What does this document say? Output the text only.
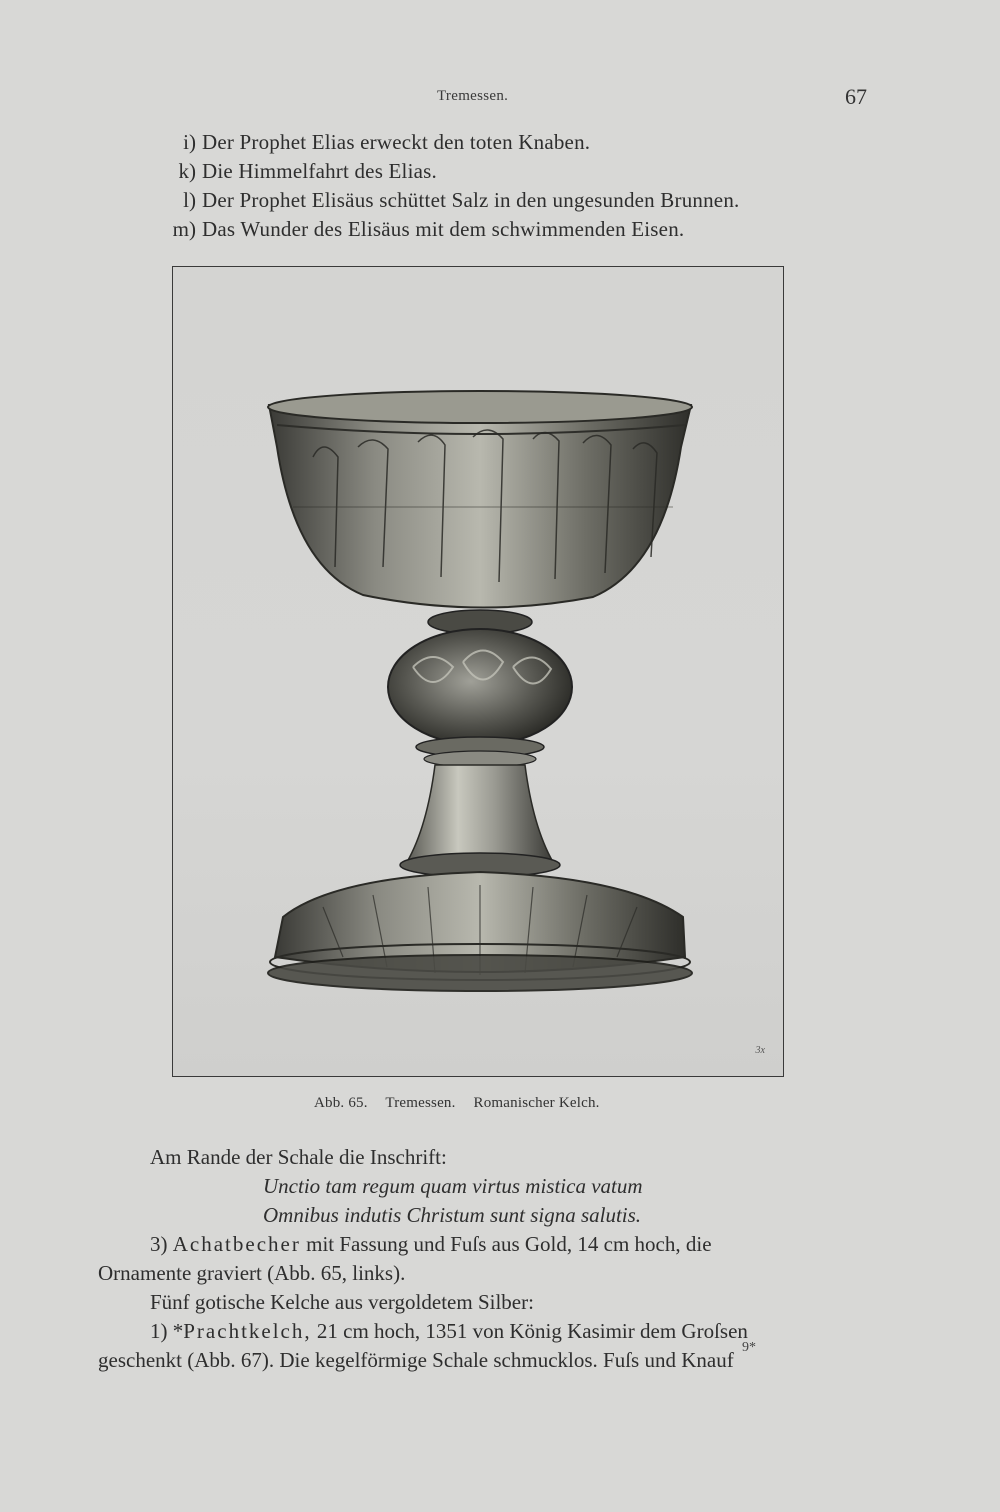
Tremessen.	67
i) Der Prophet Elias erweckt den toten Knaben.
k) Die Himmelfahrt des Elias.
l) Der Prophet Elisäus schüttet Salz in den ungesunden Brunnen.
m) Das Wunder des Elisäus mit dem schwimmenden Eisen.
3x
Abb. 65. Tremessen. Romanischer Kelch.
Am Rande der Schale die Inschrift:
Unctio tam regum quam virtus mistica vatum
Omnibus indutis Christum sunt signa salutis.
3) Achatbecher mit Fassung und Fuſs aus Gold, 14 cm hoch, die
Ornamente graviert (Abb. 65, links).
Fünf gotische Kelche aus vergoldetem Silber:
1) *Prachtkelch, 21 cm hoch, 1351 von König Kasimir dem Groſsen
geschenkt (Abb. 67). Die kegelförmige Schale schmucklos. Fuſs und Knauf
9*
